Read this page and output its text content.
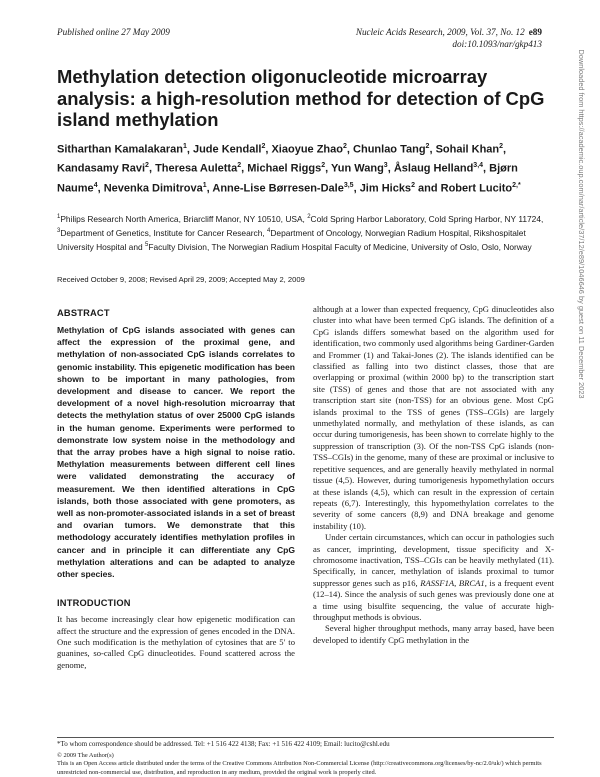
Published online 27 May 2009	Nucleic Acids Research, 2009, Vol. 37, No. 12 e89
doi:10.1093/nar/gkp413
Methylation detection oligonucleotide microarray analysis: a high-resolution method for detection of CpG island methylation
Sitharthan Kamalakaran$^1$, Jude Kendall$^2$, Xiaoyue Zhao$^2$, Chunlao Tang$^2$, Sohail Khan$^2$, Kandasamy Ravi$^2$, Theresa Auletta$^2$, Michael Riggs$^2$, Yun Wang$^3$, Åslaug Helland$^{3,4}$, Bjørn Naume$^4$, Nevenka Dimitrova$^1$, Anne-Lise Børresen-Dale$^{3,5}$, Jim Hicks$^2$ and Robert Lucito$^{2,*}$
$^1$Philips Research North America, Briarcliff Manor, NY 10510, USA, $^2$Cold Spring Harbor Laboratory, Cold Spring Harbor, NY 11724, $^3$Department of Genetics, Institute for Cancer Research, $^4$Department of Oncology, Norwegian Radium Hospital, Rikshospitalet University Hospital and $^5$Faculty Division, The Norwegian Radium Hospital Faculty of Medicine, University of Oslo, Oslo, Norway
Received October 9, 2008; Revised April 29, 2009; Accepted May 2, 2009
ABSTRACT

Methylation of CpG islands associated with genes can affect the expression of the proximal gene, and methylation of non-associated CpG islands correlates to genomic instability. This epigenetic modification has been shown to be important in many pathologies, from development and disease to cancer. We report the development of a novel high-resolution microarray that detects the methylation status of over 25000 CpG islands in the human genome. Experiments were performed to demonstrate low system noise in the methodology and that the array probes have a high signal to noise ratio. Methylation measurements between different cell lines were validated demonstrating the accuracy of measurement. We then identified alterations in CpG islands, both those associated with gene promoters, as well as non-promoter-associated islands in a set of breast and ovarian tumors. We demonstrate that this methodology accurately identifies methylation profiles in cancer and in principle it can differentiate any CpG methylation alterations and can be adapted to analyze other species.

INTRODUCTION

It has become increasingly clear how epigenetic modification can affect the structure and the expression of genes encoded in the DNA. One such modification is the methylation of cytosines that are 5′ to guanines, so-called CpG dinucleotides. Found scattered across the genome,

although at a lower than expected frequency, CpG dinucleotides also cluster into what have been termed CpG islands. The definition of a CpG islands differs somewhat based on the algorithm used for identification, two commonly used algorithms being Gardiner-Garden and Frommer (1) and Takai-Jones (2). The islands identified can be classified as falling into two distinct classes, those that are overlapping or proximal (within 2000 bp) to the transcription start site (TSS) of genes and those that are not associated with any transcription start site (non-TSS) for an obvious gene. Most CpG islands proximal to the TSS of genes (TSS–CGIs) are largely unmethylated normally, and methylation of these islands, as can occur during tumorigenesis, has been shown to correlate highly to the suppression of transcription (3). Of the non-TSS CpG islands (non-TSS–CGIs) in the genome, many of these are proximal or inclusive to repetitive sequences, and are generally heavily methylated in normal tissue (4,5). However, during tumorigenesis hypomethylation occurs at these islands (4,5), which can result in the expression of certain repeats (6,7). Interestingly, this hypomethylation correlates to the severity of some cancers (8,9) and DNA breakage and genome instability (10).

Under certain circumstances, which can occur in pathologies such as cancer, imprinting, development, tissue specificity and X-chromosome inactivation, TSS–CGIs can be heavily methylated (11). Specifically, in cancer, methylation of islands proximal to tumor suppressor genes such as p16, RASSF1A, BRCA1, is a frequent event (12–14). Since the analysis of such genes was previously done one at a time using bisulfite sequencing, the value of accurate high-throughput methods is obvious.

Several higher throughput methods, many array based, have been developed to identify CpG methylation in the

*To whom correspondence should be addressed. Tel: +1 516 422 4138; Fax: +1 516 422 4109; Email: lucito@cshl.edu
© 2009 The Author(s)
This is an Open Access article distributed under the terms of the Creative Commons Attribution Non-Commercial License (http://creativecommons.org/licenses/by-nc/2.0/uk/) which permits unrestricted non-commercial use, distribution, and reproduction in any medium, provided the original work is properly cited.
Downloaded from https://academic.oup.com/nar/article/37/12/e89/1046646 by guest on 11 December 2023
